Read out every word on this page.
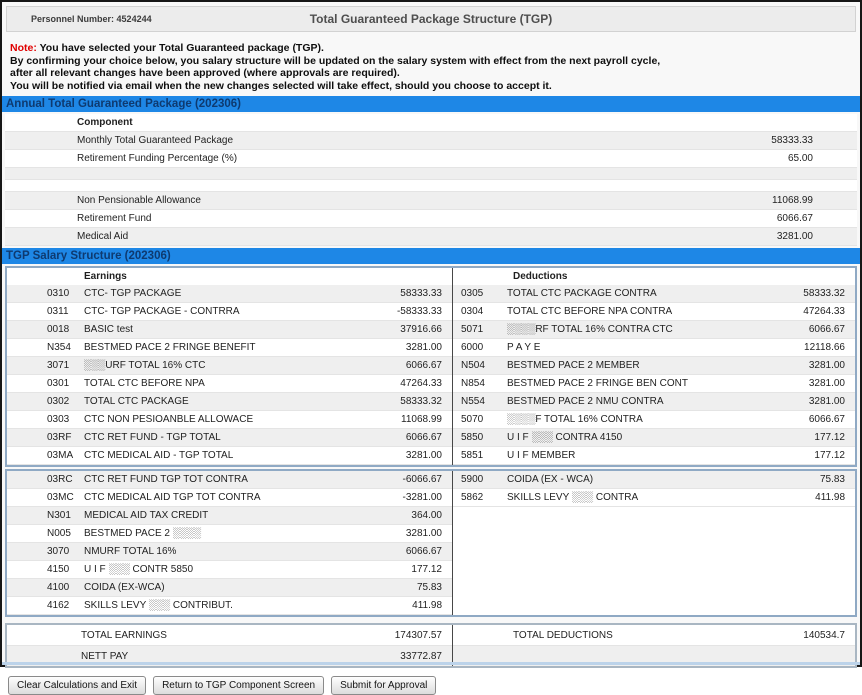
Personnel Number: 4524244	Total Guaranteed Package Structure (TGP)
Note: You have selected your Total Guaranteed package (TGP).
By confirming your choice below, you salary structure will be updated on the salary system with effect from the next payroll cycle,
after all relevant changes have been approved (where approvals are required).
You will be notified via email when the new changes selected will take effect, should you choose to accept it.
Annual Total Guaranteed Package (202306)
Component
Monthly Total Guaranteed Package	58333.33
Retirement Funding Percentage (%)	65.00
Non Pensionable Allowance	11068.99
Retirement Fund	6066.67
Medical Aid	3281.00
TGP Salary Structure (202306)
Earnings	Deductions
0310	CTC- TGP PACKAGE	58333.33
0311	CTC- TGP PACKAGE - CONTRRA	-58333.33
0018	BASIC test	37916.66
N354	BESTMED PACE 2 FRINGE BENEFIT	3281.00
3071	░░░URF TOTAL 16% CTC	6066.67
0301	TOTAL CTC BEFORE NPA	47264.33
0302	TOTAL CTC PACKAGE	58333.32
0303	CTC NON PESIOANBLE ALLOWACE	11068.99
03RF	CTC RET FUND - TGP TOTAL	6066.67
03MA	CTC MEDICAL AID - TGP TOTAL	3281.00
0305	TOTAL CTC PACKAGE CONTRA	58333.32
0304	TOTAL CTC BEFORE NPA CONTRA	47264.33
5071	░░░░RF TOTAL 16% CONTRA CTC	6066.67
6000	P A Y E	12118.66
N504	BESTMED PACE 2 MEMBER	3281.00
N854	BESTMED PACE 2 FRINGE BEN CONT	3281.00
N554	BESTMED PACE 2 NMU CONTRA	3281.00
5070	░░░░F TOTAL 16% CONTRA	6066.67
5850	U I F ░░░ CONTRA 4150	177.12
5851	U I F MEMBER	177.12
03RC	CTC RET FUND TGP TOT CONTRA	-6066.67
03MC	CTC MEDICAL AID TGP TOT CONTRA	-3281.00
N301	MEDICAL AID TAX CREDIT	364.00
N005	BESTMED PACE 2 ░░░░	3281.00
3070	NMURF TOTAL 16%	6066.67
4150	U I F ░░░ CONTR 5850	177.12
4100	COIDA (EX-WCA)	75.83
4162	SKILLS LEVY ░░░ CONTRIBUT.	411.98
5900	COIDA (EX - WCA)	75.83
5862	SKILLS LEVY ░░░ CONTRA	411.98
TOTAL EARNINGS	174307.57
NETT PAY	33772.87
TOTAL DEDUCTIONS	140534.7
Clear Calculations and Exit	Return to TGP Component Screen	Submit for Approval
